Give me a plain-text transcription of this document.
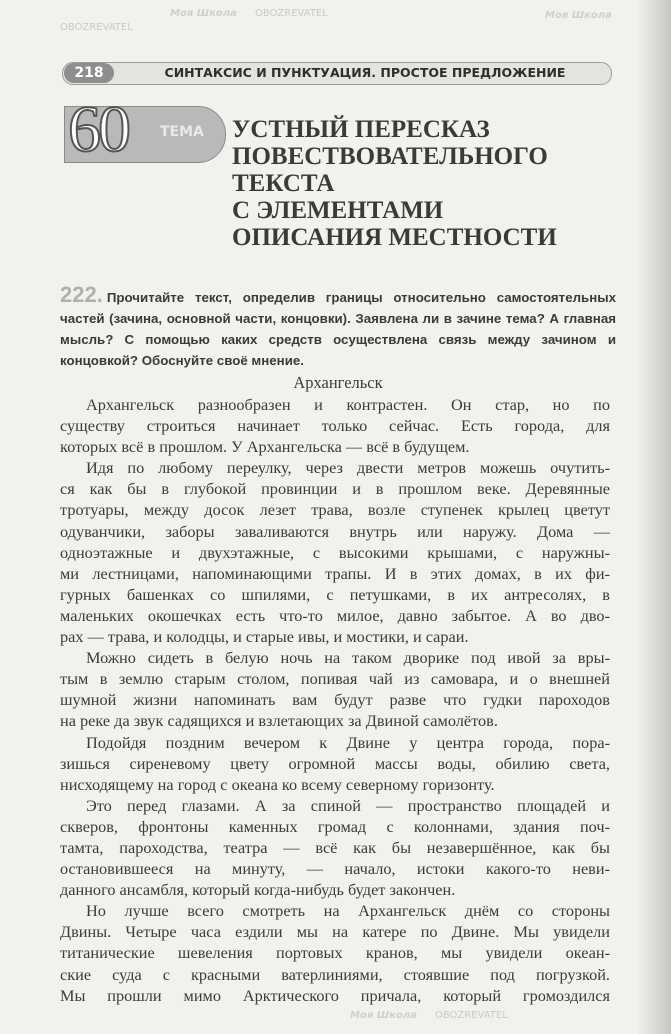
218	СИНТАКСИС И ПУНКТУАЦИЯ. ПРОСТОЕ ПРЕДЛОЖЕНИЕ
60 ТЕМА УСТНЫЙ ПЕРЕСКАЗ
ПОВЕСТВОВАТЕЛЬНОГО
ТЕКСТА
С ЭЛЕМЕНТАМИ
ОПИСАНИЯ МЕСТНОСТИ
Моя Школа OBOZREVATEL
OBOZREVATEL
Моя Школа
222. Прочитайте текст, определив границы относительно самостоятельных частей (зачина, основной части, концовки). Заявлена ли в зачине тема? А главная мысль? С помощью каких средств осуществлена связь между зачином и концовкой? Обоснуйте своё мнение.
Архангельск
Архангельск разнообразен и контрастен. Он стар, но по
существу строиться начинает только сейчас. Есть города, для
которых всё в прошлом. У Архангельска — всё в будущем.
Идя по любому переулку, через двести метров можешь очутить-
ся как бы в глубокой провинции и в прошлом веке. Деревянные
тротуары, между досок лезет трава, возле ступенек крылец цветут
одуванчики, заборы заваливаются внутрь или наружу. Дома —
одноэтажные и двухэтажные, с высокими крышами, с наружны-
ми лестницами, напоминающими трапы. И в этих домах, в их фи-
гурных башенках со шпилями, с петушками, в их антресолях, в
маленьких окошечках есть что-то милое, давно забытое. А во дво-
рах — трава, и колодцы, и старые ивы, и мостики, и сараи.
Можно сидеть в белую ночь на таком дворике под ивой за вры-
тым в землю старым столом, попивая чай из самовара, и о внешней
шумной жизни напоминать вам будут разве что гудки пароходов
на реке да звук садящихся и взлетающих за Двиной самолётов.
Подойдя поздним вечером к Двине у центра города, пора-
зишься сиреневому цвету огромной массы воды, обилию света,
нисходящему на город с океана ко всему северному горизонту.
Это перед глазами. А за спиной — пространство площадей и
скверов, фронтоны каменных громад с колоннами, здания поч-
тамта, пароходства, театра — всё как бы незавершённое, как бы
остановившееся на минуту, — начало, истоки какого-то неви-
данного ансамбля, который когда-нибудь будет закончен.
Но лучше всего смотреть на Архангельск днём со стороны
Двины. Четыре часа ездили мы на катере по Двине. Мы увидели
титанические шевеления портовых кранов, мы увидели океан-
ские суда с красными ватерлиниями, стоявшие под погрузкой.
Мы прошли мимо Арктического причала, который громоздился
Моя Школа OBOZREVATEL
